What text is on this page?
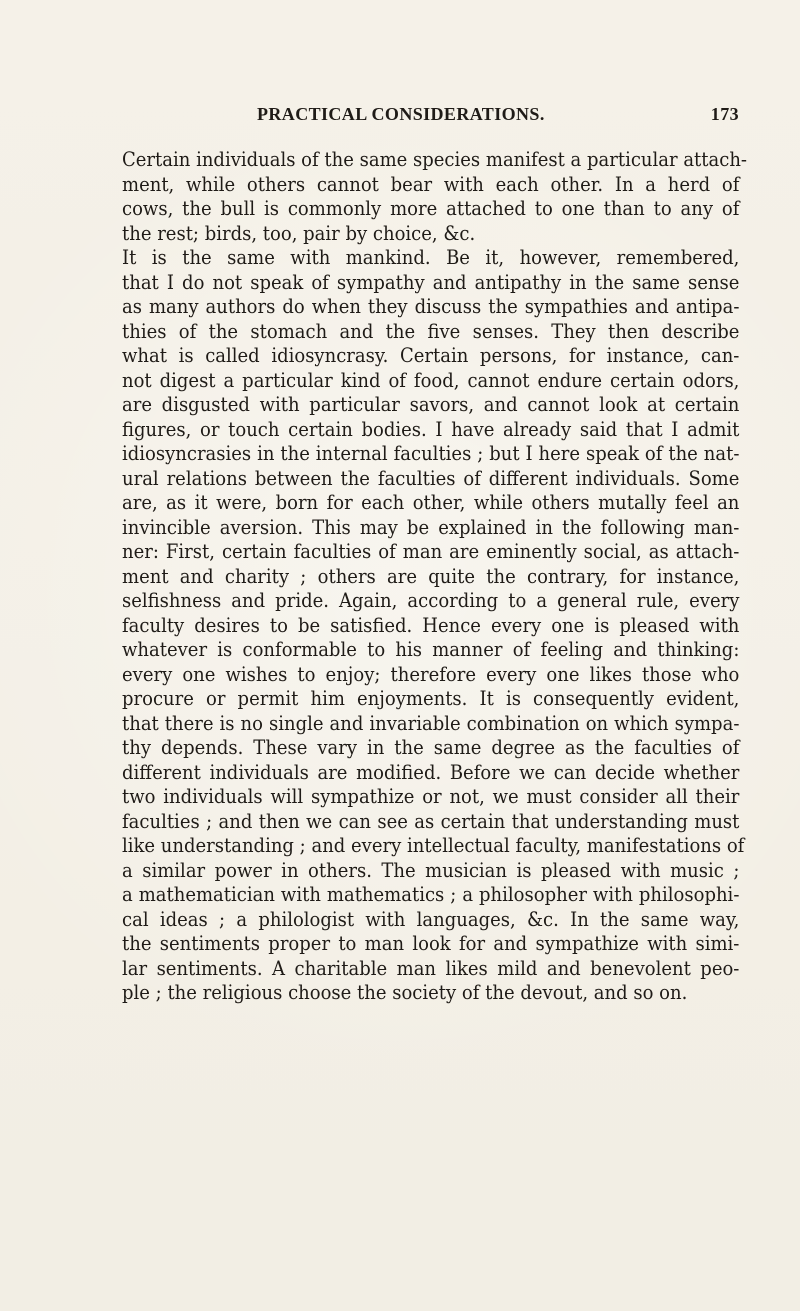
PRACTICAL CONSIDERATIONS.	173
Certain individuals of the same species manifest a particular attach-
ment, while others cannot bear with each other. In a herd of
cows, the bull is commonly more attached to one than to any of
the rest; birds, too, pair by choice, &c.
It is the same with mankind. Be it, however, remembered,
that I do not speak of sympathy and antipathy in the same sense
as many authors do when they discuss the sympathies and antipa-
thies of the stomach and the five senses. They then describe
what is called idiosyncrasy. Certain persons, for instance, can-
not digest a particular kind of food, cannot endure certain odors,
are disgusted with particular savors, and cannot look at certain
figures, or touch certain bodies. I have already said that I admit
idiosyncrasies in the internal faculties ; but I here speak of the nat-
ural relations between the faculties of different individuals. Some
are, as it were, born for each other, while others mutally feel an
invincible aversion. This may be explained in the following man-
ner: First, certain faculties of man are eminently social, as attach-
ment and charity ; others are quite the contrary, for instance,
selfishness and pride. Again, according to a general rule, every
faculty desires to be satisfied. Hence every one is pleased with
whatever is conformable to his manner of feeling and thinking:
every one wishes to enjoy; therefore every one likes those who
procure or permit him enjoyments. It is consequently evident,
that there is no single and invariable combination on which sympa-
thy depends. These vary in the same degree as the faculties of
different individuals are modified. Before we can decide whether
two individuals will sympathize or not, we must consider all their
faculties ; and then we can see as certain that understanding must
like understanding ; and every intellectual faculty, manifestations of
a similar power in others. The musician is pleased with music ;
a mathematician with mathematics ; a philosopher with philosophi-
cal ideas ; a philologist with languages, &c. In the same way,
the sentiments proper to man look for and sympathize with simi-
lar sentiments. A charitable man likes mild and benevolent peo-
ple ; the religious choose the society of the devout, and so on.
